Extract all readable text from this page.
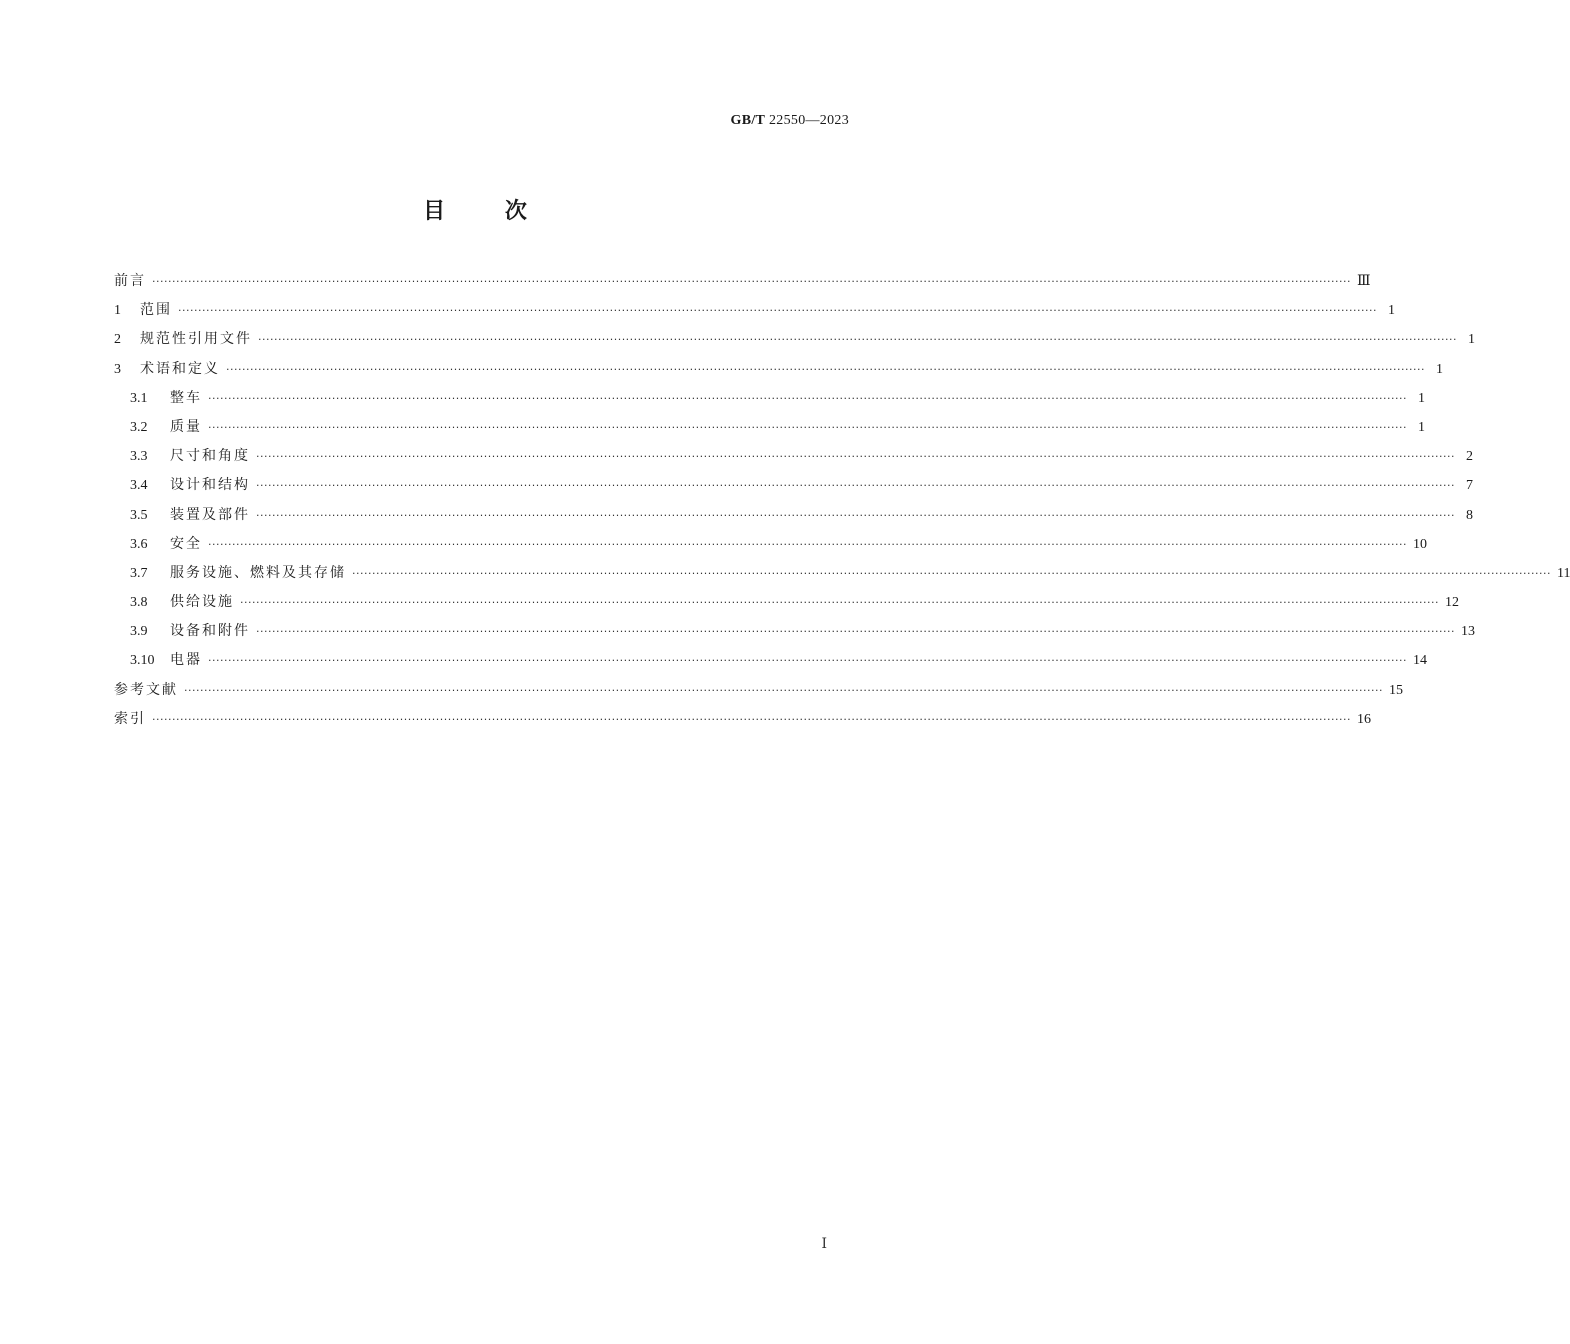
GB/T 22550—2023
目	次
前言 ············································································································································································································································································································ Ⅲ
1	范围 ············································································································································································································································································································ 1
2	规范性引用文件 ············································································································································································································································································································ 1
3	术语和定义 ············································································································································································································································································································ 1
3.1	整车 ············································································································································································································································································································ 1
3.2	质量 ············································································································································································································································································································ 1
3.3	尺寸和角度 ············································································································································································································································································································ 2
3.4	设计和结构 ············································································································································································································································································································ 7
3.5	装置及部件 ············································································································································································································································································································ 8
3.6	安全 ············································································································································································································································································································ 10
3.7	服务设施、燃料及其存储 ············································································································································································································································································································ 11
3.8	供给设施 ············································································································································································································································································································ 12
3.9	设备和附件 ············································································································································································································································································································ 13
3.10	电器 ············································································································································································································································································································ 14
参考文献 ············································································································································································································································································································ 15
索引 ············································································································································································································································································································ 16
Ⅰ
